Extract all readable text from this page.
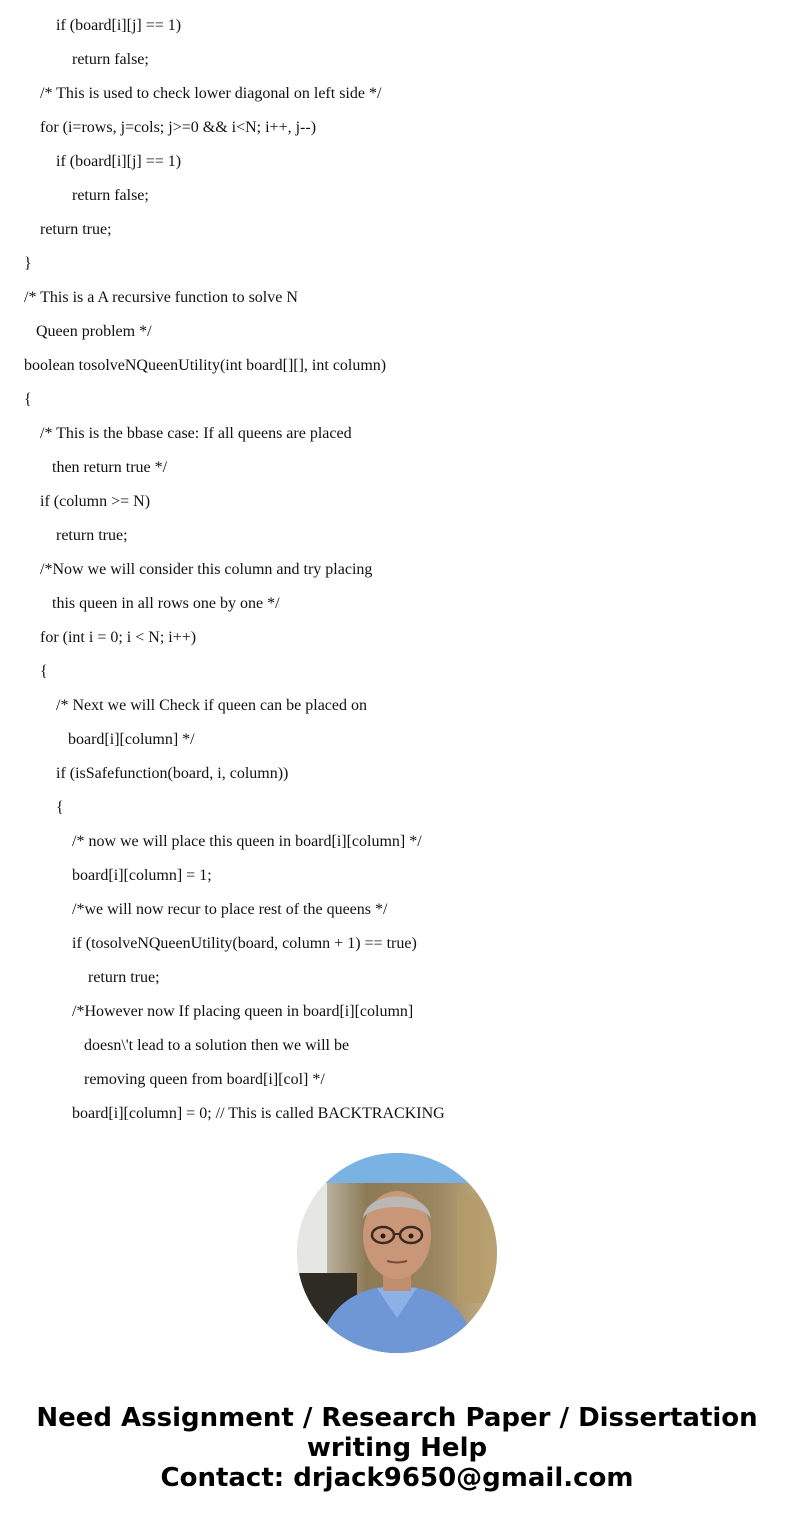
if (board[i][j] == 1)
return false;
/* This is used to check lower diagonal on left side */
for (i=rows, j=cols; j>=0 && i<N; i++, j--)
if (board[i][j] == 1)
return false;
return true;
}
/* This is a A recursive function to solve N
Queen problem */
boolean tosolveNQueenUtility(int board[][], int column)
{
/* This is the bbase case: If all queens are placed
then return true */
if (column >= N)
return true;
/*Now we will consider this column and try placing
this queen in all rows one by one */
for (int i = 0; i < N; i++)
{
/* Next we will Check if queen can be placed on
board[i][column] */
if (isSafefunction(board, i, column))
{
/* now we will place this queen in board[i][column] */
board[i][column] = 1;
/*we will now recur to place rest of the queens */
if (tosolveNQueenUtility(board, column + 1) == true)
return true;
/*However now If placing queen in board[i][column]
doesn\'t lead to a solution then we will be
removing queen from board[i][col] */
board[i][column] = 0; // This is called BACKTRACKING
Need Assignment / Research Paper / Dissertation
writing Help
Contact: drjack9650@gmail.com
